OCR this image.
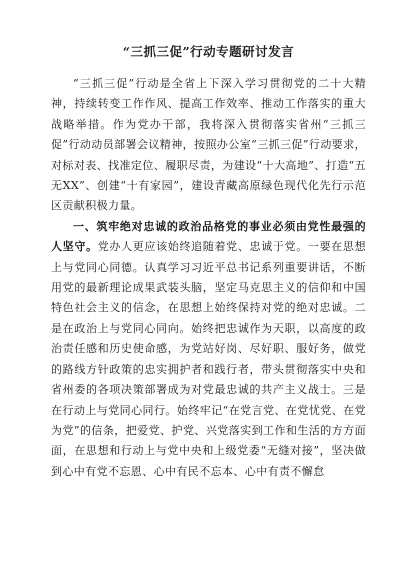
“三抓三促”行动专题研讨发言

“三抓三促”行动是全省上下深入学习贯彻党的二十大精神，持续转变工作作风、提高工作效率、推动工作落实的重大战略举措。作为党办干部，我将深入贯彻落实省州“三抓三促”行动动员部署会议精神，按照办公室“三抓三促”行动要求，对标对表、找准定位、履职尽责，为建设“十大高地”、打造“五无XX”、创建“十有家园”，建设青藏高原绿色现代化先行示范区贡献积极力量。

一、筑牢绝对忠诚的政治品格党的事业必须由党性最强的人坚守。党办人更应该始终追随着党、忠诚于党。一要在思想上与党同心同德。认真学习习近平总书记系列重要讲话，不断用党的最新理论成果武装头脑，坚定马克思主义的信仰和中国特色社会主义的信念，在思想上始终保持对党的绝对忠诚。二是在政治上与党同心同向。始终把忠诚作为天职，以高度的政治责任感和历史使命感，为党站好岗、尽好职、服好务，做党的路线方针政策的忠实拥护者和践行者，带头贯彻落实中央和省州委的各项决策部署成为对党最忠诚的共产主义战士。三是在行动上与党同心同行。始终牢记“在党言党、在党忧党、在党为党”的信条，把爱党、护党、兴党落实到工作和生活的方方面面，在思想和行动上与党中央和上级党委“无缝对接”，坚决做到心中有党不忘恩、心中有民不忘本、心中有责不懈怠
